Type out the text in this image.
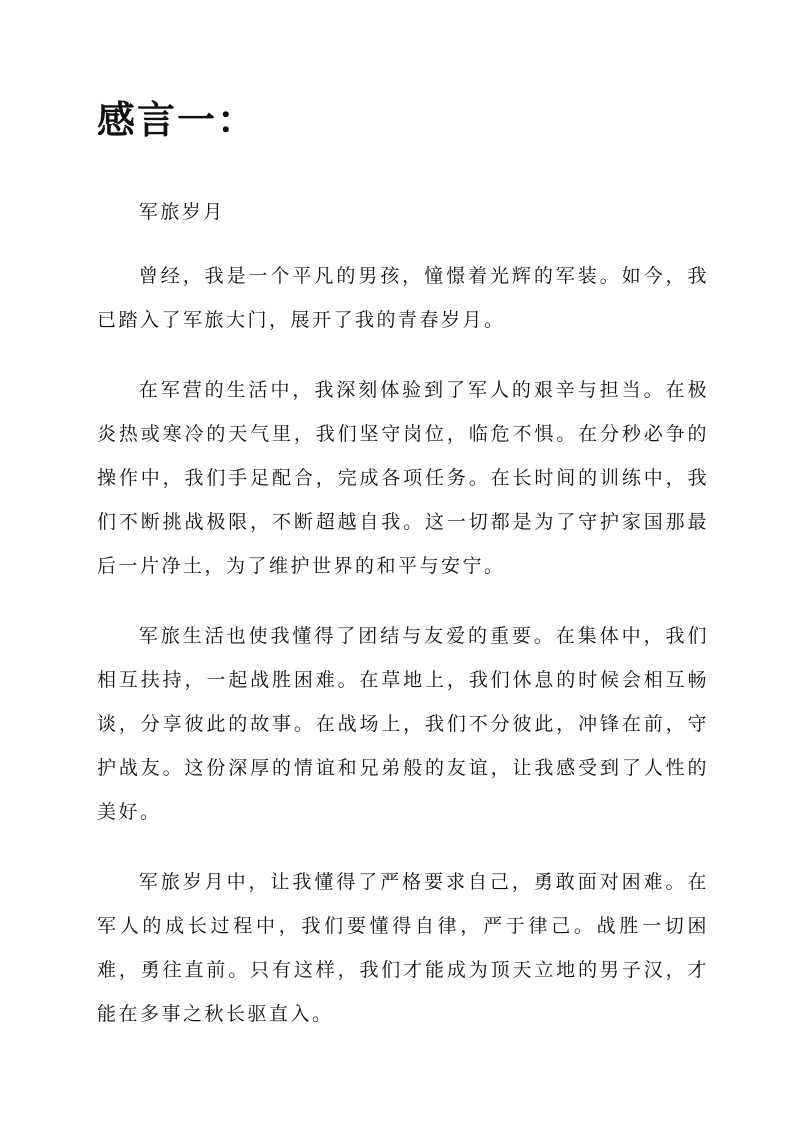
感言一：

军旅岁月

曾经，我是一个平凡的男孩，憧憬着光辉的军装。如今，我已踏入了军旅大门，展开了我的青春岁月。

在军营的生活中，我深刻体验到了军人的艰辛与担当。在极炎热或寒冷的天气里，我们坚守岗位，临危不惧。在分秒必争的操作中，我们手足配合，完成各项任务。在长时间的训练中，我们不断挑战极限，不断超越自我。这一切都是为了守护家国那最后一片净土，为了维护世界的和平与安宁。

军旅生活也使我懂得了团结与友爱的重要。在集体中，我们相互扶持，一起战胜困难。在草地上，我们休息的时候会相互畅谈，分享彼此的故事。在战场上，我们不分彼此，冲锋在前，守护战友。这份深厚的情谊和兄弟般的友谊，让我感受到了人性的美好。

军旅岁月中，让我懂得了严格要求自己，勇敢面对困难。在军人的成长过程中，我们要懂得自律，严于律己。战胜一切困难，勇往直前。只有这样，我们才能成为顶天立地的男子汉，才能在多事之秋长驱直入。
